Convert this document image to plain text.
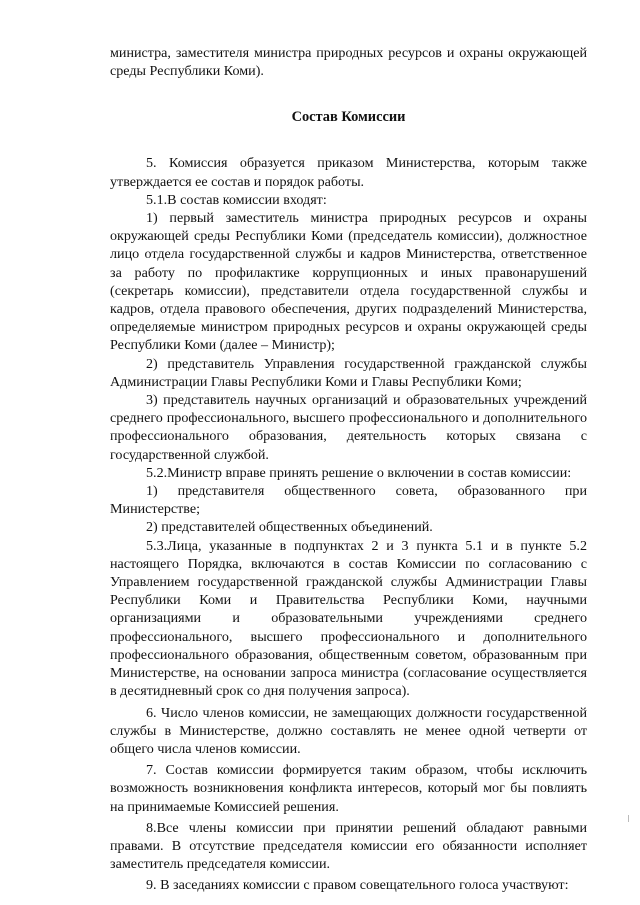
министра, заместителя министра природных ресурсов и охраны окружающей среды Республики Коми).

Состав Комиссии

5. Комиссия образуется приказом Министерства, которым также утверждается ее состав и порядок работы.

5.1.В состав комиссии входят:

1) первый заместитель министра природных ресурсов и охраны окружающей среды Республики Коми (председатель комиссии), должностное лицо отдела государственной службы и кадров Министерства, ответственное за работу по профилактике коррупционных и иных правонарушений (секретарь комиссии), представители отдела государственной службы и кадров, отдела правового обеспечения, других подразделений Министерства, определяемые министром природных ресурсов и охраны окружающей среды Республики Коми (далее – Министр);

2) представитель Управления государственной гражданской службы Администрации Главы Республики Коми и Главы Республики Коми;

3) представитель научных организаций и образовательных учреждений среднего профессионального, высшего профессионального и дополнительного профессионального образования, деятельность которых связана с государственной службой.

5.2.Министр вправе принять решение о включении в состав комиссии:

1) представителя общественного совета, образованного при Министерстве;

2) представителей общественных объединений.

5.3.Лица, указанные в подпунктах 2 и 3 пункта 5.1 и в пункте 5.2 настоящего Порядка, включаются в состав Комиссии по согласованию с Управлением государственной гражданской службы Администрации Главы Республики Коми и Правительства Республики Коми, научными организациями и образовательными учреждениями среднего профессионального, высшего профессионального и дополнительного профессионального образования, общественным советом, образованным при Министерстве, на основании запроса министра (согласование осуществляется в десятидневный срок со дня получения запроса).

6. Число членов комиссии, не замещающих должности государственной службы в Министерстве, должно составлять не менее одной четверти от общего числа членов комиссии.

7. Состав комиссии формируется таким образом, чтобы исключить возможность возникновения конфликта интересов, который мог бы повлиять на принимаемые Комиссией решения.

8.Все члены комиссии при принятии решений обладают равными правами. В отсутствие председателя комиссии его обязанности исполняет заместитель председателя комиссии.

9. В заседаниях комиссии с правом совещательного голоса участвуют:
